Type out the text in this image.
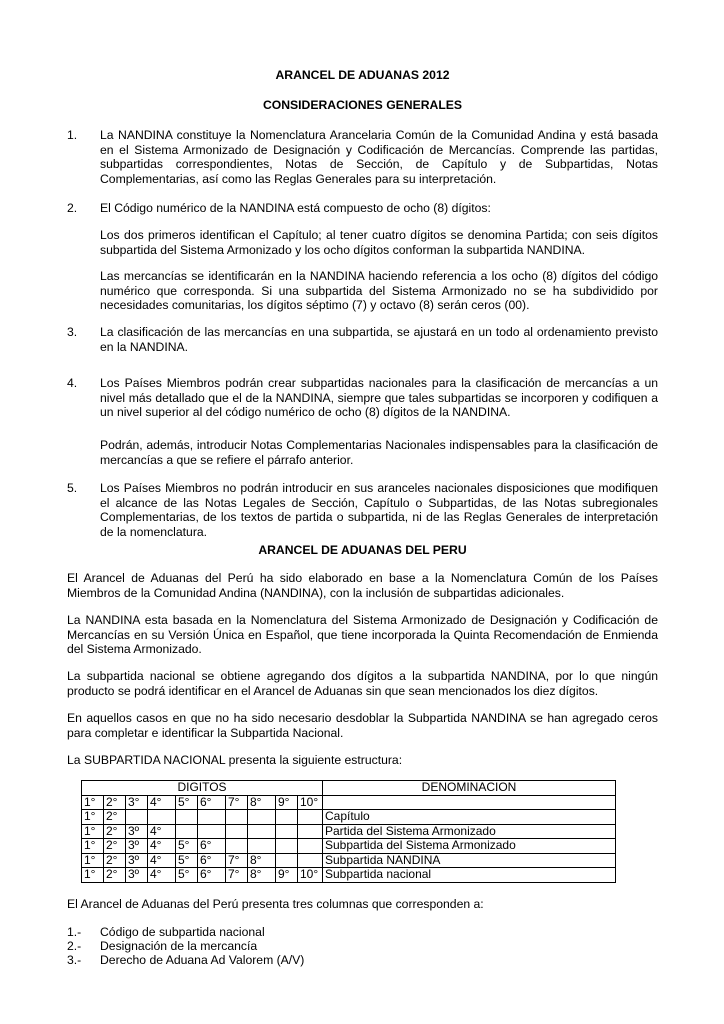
ARANCEL DE ADUANAS 2012
CONSIDERACIONES GENERALES
1. La NANDINA constituye la Nomenclatura Arancelaria Común de la Comunidad Andina y está basada en el Sistema Armonizado de Designación y Codificación de Mercancías. Comprende las partidas, subpartidas correspondientes, Notas de Sección, de Capítulo y de Subpartidas, Notas Complementarias, así como las Reglas Generales para su interpretación.
2. El Código numérico de la NANDINA está compuesto de ocho (8) dígitos:
Los dos primeros identifican el Capítulo; al tener cuatro dígitos se denomina Partida; con seis dígitos subpartida del Sistema Armonizado y los ocho dígitos conforman la subpartida NANDINA.
Las mercancías se identificarán en la NANDINA haciendo referencia a los ocho (8) dígitos del código numérico que corresponda. Si una subpartida del Sistema Armonizado no se ha subdividido por necesidades comunitarias, los dígitos séptimo (7) y octavo (8) serán ceros (00).
3. La clasificación de las mercancías en una subpartida, se ajustará en un todo al ordenamiento previsto en la NANDINA.
4. Los Países Miembros podrán crear subpartidas nacionales para la clasificación de mercancías a un nivel más detallado que el de la NANDINA, siempre que tales subpartidas se incorporen y codifiquen a un nivel superior al del código numérico de ocho (8) dígitos de la NANDINA.
Podrán, además, introducir Notas Complementarias Nacionales indispensables para la clasificación de mercancías a que se refiere el párrafo anterior.
5. Los Países Miembros no podrán introducir en sus aranceles nacionales disposiciones que modifiquen el alcance de las Notas Legales de Sección, Capítulo o Subpartidas, de las Notas subregionales Complementarias, de los textos de partida o subpartida, ni de las Reglas Generales de interpretación de la nomenclatura.
ARANCEL DE ADUANAS DEL PERU
El Arancel de Aduanas del Perú ha sido elaborado en base a la Nomenclatura Común de los Países Miembros de la Comunidad Andina (NANDINA), con la inclusión de subpartidas adicionales.
La NANDINA esta basada en la Nomenclatura del Sistema Armonizado de Designación y Codificación de Mercancías en su Versión Única en Español, que tiene incorporada la Quinta Recomendación de Enmienda del Sistema Armonizado.
La subpartida nacional se obtiene agregando dos dígitos a la subpartida NANDINA, por lo que ningún producto se podrá identificar en el Arancel de Aduanas sin que sean mencionados los diez dígitos.
En aquellos casos en que no ha sido necesario desdoblar la Subpartida NANDINA se han agregado ceros para completar e identificar la Subpartida Nacional.
La SUBPARTIDA NACIONAL presenta la siguiente estructura:
DIGITOS										DENOMINACION
1°	2°	3°	4°	5°	6°	7°	8°	9°	10°	
1°	2°									Capítulo
1°	2°	3º	4°							Partida del Sistema Armonizado
1°	2°	3º	4°	5°	6°					Subpartida del Sistema Armonizado
1°	2°	3º	4°	5°	6°	7°	8°			Subpartida NANDINA
1°	2°	3º	4°	5°	6°	7°	8°	9°	10°	Subpartida nacional
El Arancel de Aduanas del Perú presenta tres columnas que corresponden a:
1.- Código de subpartida nacional
2.- Designación de la mercancía
3.- Derecho de Aduana Ad Valorem (A/V)
